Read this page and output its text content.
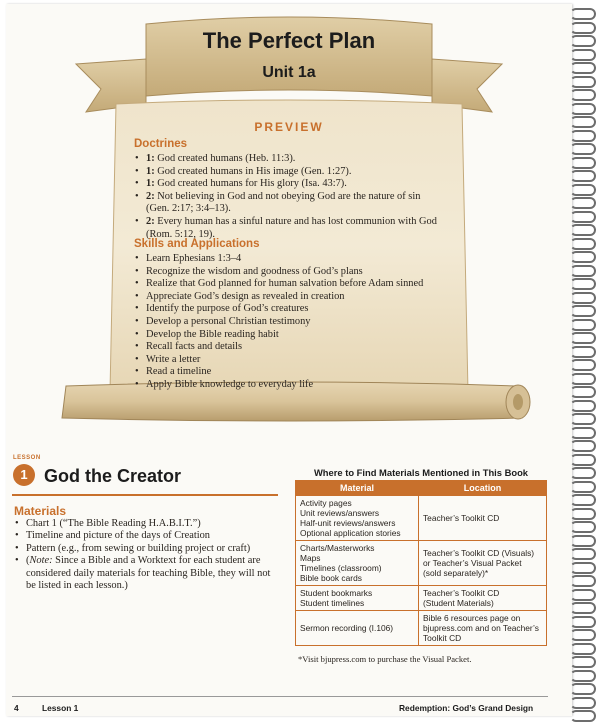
The Perfect Plan
Unit 1a
PREVIEW
Doctrines
• 1: God created humans (Heb. 11:3).
• 1: God created humans in His image (Gen. 1:27).
• 1: God created humans for His glory (Isa. 43:7).
• 2: Not believing in God and not obeying God are the nature of sin
(Gen. 2:17; 3:4–13).
• 2: Every human has a sinful nature and has lost communion with God
(Rom. 5:12, 19).
Skills and Applications
• Learn Ephesians 1:3–4
• Recognize the wisdom and goodness of God’s plans
• Realize that God planned for human salvation before Adam sinned
• Appreciate God’s design as revealed in creation
• Identify the purpose of God’s creatures
• Develop a personal Christian testimony
• Develop the Bible reading habit
• Recall facts and details
• Write a letter
• Read a timeline
• Apply Bible knowledge to everyday life
LESSON
1 God the Creator
Materials
• Chart 1 (“The Bible Reading H.A.B.I.T.”)
• Timeline and picture of the days of Creation
• Pattern (e.g., from sewing or building project or craft)
• (Note: Since a Bible and a Worktext for each student are considered daily materials for teaching Bible, they will not be listed in each lesson.)
Where to Find Materials Mentioned in This Book
Material	Location

Activity pages
Unit reviews/answers
Half-unit reviews/answers
Optional application stories	Teacher’s Toolkit CD

Charts/Masterworks
Maps
Timelines (classroom)
Bible book cards	Teacher’s Toolkit CD (Visuals)
or Teacher’s Visual Packet
(sold separately)*

Student bookmarks
Student timelines	Teacher’s Toolkit CD
(Student Materials)

Sermon recording (I.106)	Bible 6 resources page on
bjupress.com and on Teacher’s
Toolkit CD
*Visit bjupress.com to purchase the Visual Packet.
4	Lesson 1	Redemption: God’s Grand Design
